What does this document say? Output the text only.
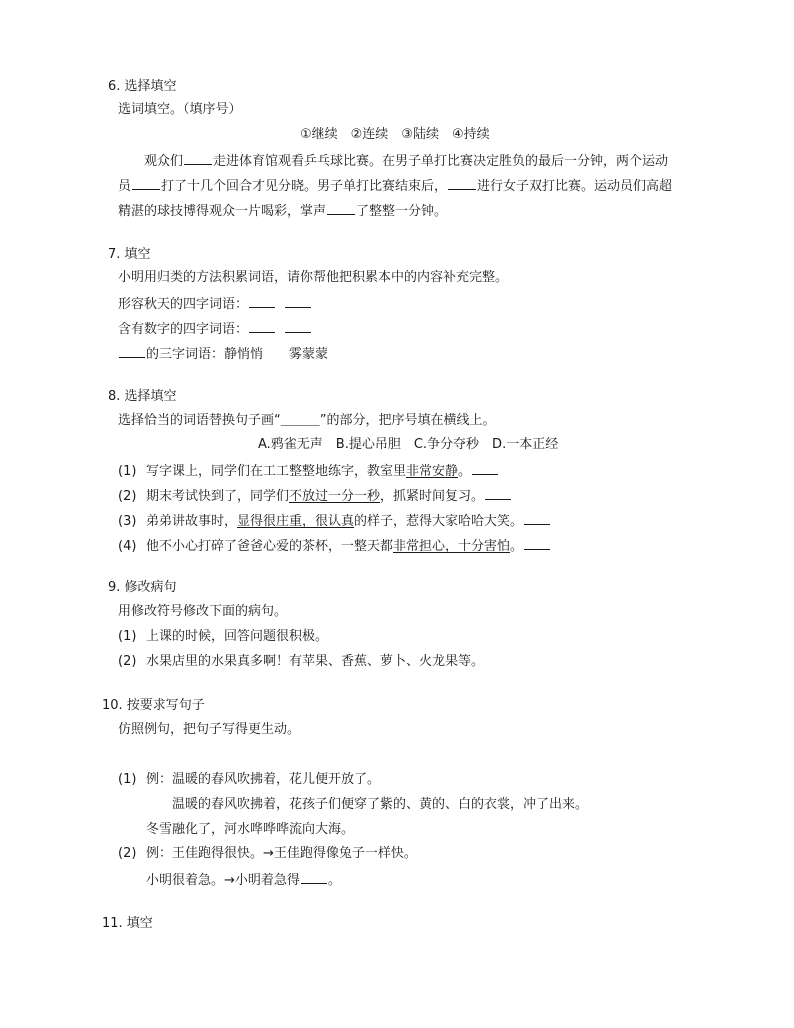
6. 选择填空
选词填空。（填序号）
①继续　②连续　③陆续　④持续
观众们 走进体育馆观看乒乓球比赛。在男子单打比赛决定胜负的最后一分钟，两个运动
员 打了十几个回合才见分晓。男子单打比赛结束后， 进行女子双打比赛。运动员们高超
精湛的球技博得观众一片喝彩，掌声 了整整一分钟。
7. 填空
小明用归类的方法积累词语，请你帮他把积累本中的内容补充完整。
形容秋天的四字词语：
含有数字的四字词语：
的三字词语：静悄悄　　雾蒙蒙
8. 选择填空
选择恰当的词语替换句子画“＿＿＿”的部分，把序号填在横线上。
A.鸦雀无声　B.提心吊胆　C.争分夺秒　D.一本正经
(1) 写字课上，同学们在工工整整地练字，教室里非常安静。
(2) 期末考试快到了，同学们不放过一分一秒，抓紧时间复习。
(3) 弟弟讲故事时，显得很庄重，很认真的样子，惹得大家哈哈大笑。
(4) 他不小心打碎了爸爸心爱的茶杯，一整天都非常担心，十分害怕。
9. 修改病句
用修改符号修改下面的病句。
(1) 上课的时候，回答问题很积极。
(2) 水果店里的水果真多啊！有苹果、香蕉、萝卜、火龙果等。
10. 按要求写句子
仿照例句，把句子写得更生动。
(1) 例：温暖的春风吹拂着，花儿便开放了。
温暖的春风吹拂着，花孩子们便穿了紫的、黄的、白的衣裳，冲了出来。
冬雪融化了，河水哗哗哗流向大海。
(2) 例：王佳跑得很快。→王佳跑得像兔子一样快。
小明很着急。→小明着急得 。
11. 填空
